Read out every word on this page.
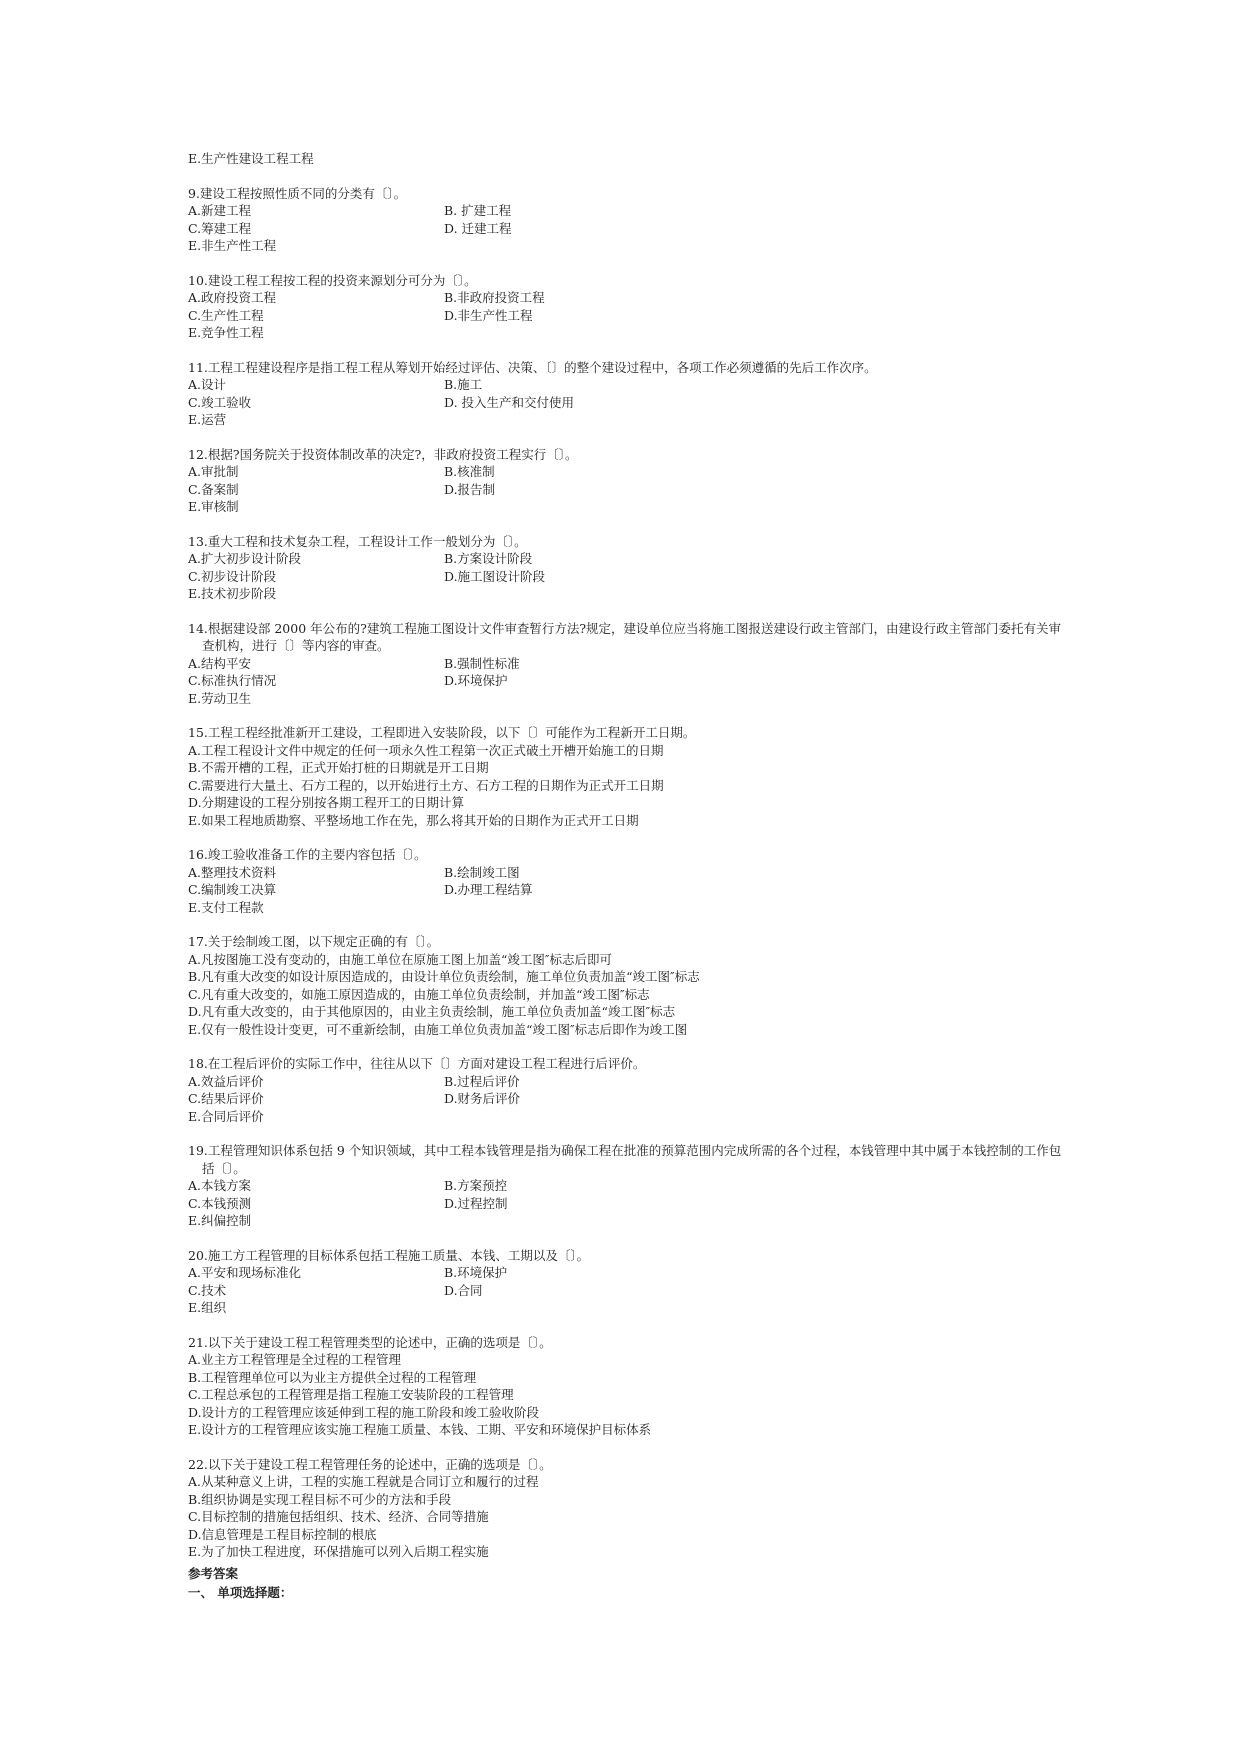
E.生产性建设工程工程
9.建设工程按照性质不同的分类有〔〕。
A.新建工程	B. 扩建工程
C.筹建工程	D. 迁建工程
E.非生产性工程
10.建设工程工程按工程的投资来源划分可分为〔〕。
A.政府投资工程	B.非政府投资工程
C.生产性工程	D.非生产性工程
E.竞争性工程
11.工程工程建设程序是指工程工程从筹划开始经过评估、决策、〔〕的整个建设过程中，各项工作必须遵循的先后工作次序。
A.设计	B.施工
C.竣工验收	D. 投入生产和交付使用
E.运营
12.根据?国务院关于投资体制改革的决定?，非政府投资工程实行〔〕。
A.审批制	B.核准制
C.备案制	D.报告制
E.审核制
13.重大工程和技术复杂工程，工程设计工作一般划分为〔〕。
A.扩大初步设计阶段	B.方案设计阶段
C.初步设计阶段	D.施工图设计阶段
E.技术初步阶段
14.根据建设部 2000 年公布的?建筑工程施工图设计文件审查暂行方法?规定，建设单位应当将施工图报送建设行政主管部门，由建设行政主管部门委托有关审查机构，进行〔〕等内容的审查。
A.结构平安	B.强制性标准
C.标准执行情况	D.环境保护
E.劳动卫生
15.工程工程经批准新开工建设，工程即进入安装阶段，以下〔〕可能作为工程新开工日期。
A.工程工程设计文件中规定的任何一项永久性工程第一次正式破土开槽开始施工的日期
B.不需开槽的工程，正式开始打桩的日期就是开工日期
C.需要进行大量土、石方工程的，以开始进行土方、石方工程的日期作为正式开工日期
D.分期建设的工程分别按各期工程开工的日期计算
E.如果工程地质勘察、平整场地工作在先，那么将其开始的日期作为正式开工日期
16.竣工验收准备工作的主要内容包括〔〕。
A.整理技术资料	B.绘制竣工图
C.编制竣工决算	D.办理工程结算
E.支付工程款
17.关于绘制竣工图，以下规定正确的有〔〕。
A.凡按图施工没有变动的，由施工单位在原施工图上加盖“竣工图″标志后即可
B.凡有重大改变的如设计原因造成的，由设计单位负责绘制，施工单位负责加盖“竣工图″标志
C.凡有重大改变的，如施工原因造成的，由施工单位负责绘制，并加盖“竣工图″标志
D.凡有重大改变的，由于其他原因的，由业主负责绘制，施工单位负责加盖“竣工图″标志
E.仅有一般性设计变更，可不重新绘制，由施工单位负责加盖“竣工图″标志后即作为竣工图
18.在工程后评价的实际工作中，往往从以下〔〕方面对建设工程工程进行后评价。
A.效益后评价	B.过程后评价
C.结果后评价	D.财务后评价
E.合同后评价
19.工程管理知识体系包括 9 个知识领域，其中工程本钱管理是指为确保工程在批准的预算范围内完成所需的各个过程，本钱管理中其中属于本钱控制的工作包括〔〕。
A.本钱方案	B.方案预控
C.本钱预测	D.过程控制
E.纠偏控制
20.施工方工程管理的目标体系包括工程施工质量、本钱、工期以及〔〕。
A.平安和现场标准化	B.环境保护
C.技术	D.合同
E.组织
21.以下关于建设工程工程管理类型的论述中，正确的选项是〔〕。
A.业主方工程管理是全过程的工程管理
B.工程管理单位可以为业主方提供全过程的工程管理
C.工程总承包的工程管理是指工程施工安装阶段的工程管理
D.设计方的工程管理应该延伸到工程的施工阶段和竣工验收阶段
E.设计方的工程管理应该实施工程施工质量、本钱、工期、平安和环境保护目标体系
22.以下关于建设工程工程管理任务的论述中，正确的选项是〔〕。
A.从某种意义上讲，工程的实施工程就是合同订立和履行的过程
B.组织协调是实现工程目标不可少的方法和手段
C.目标控制的措施包括组织、技术、经济、合同等措施
D.信息管理是工程目标控制的根底
E.为了加快工程进度，环保措施可以列入后期工程实施
参考答案
一、 单项选择题：
